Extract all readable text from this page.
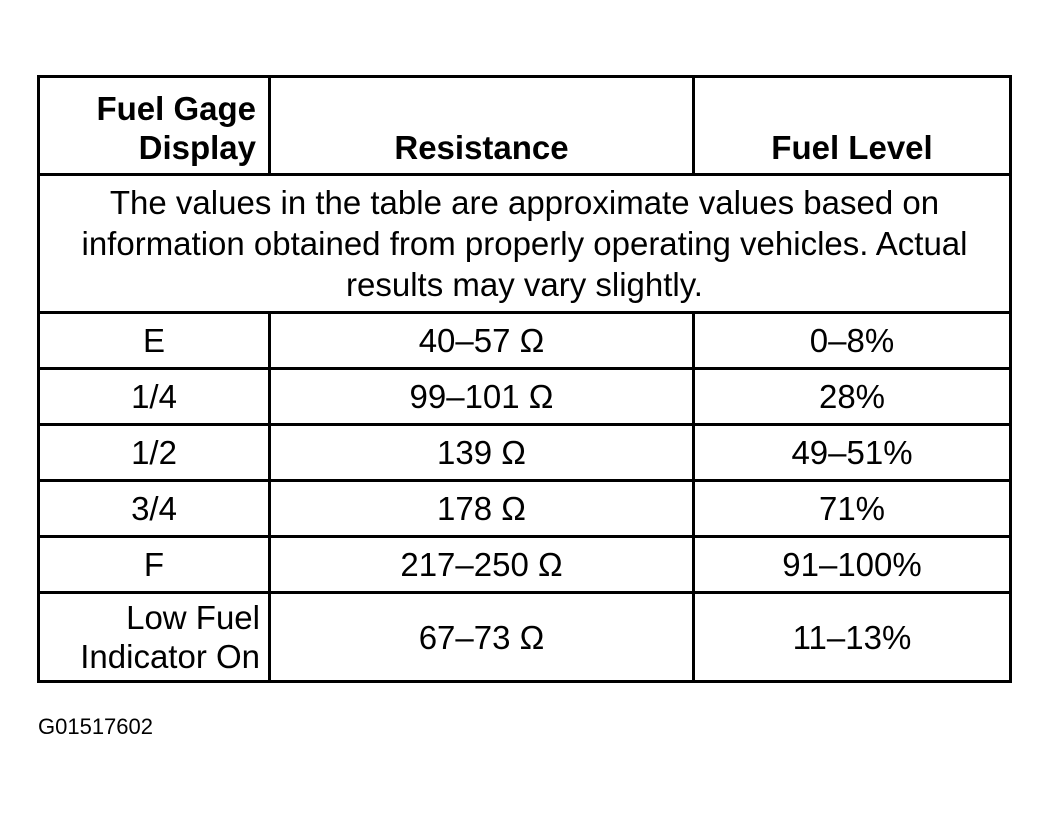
Fuel Gage
Display	Resistance	Fuel Level

The values in the table are approximate values based on information obtained from properly operating vehicles. Actual results may vary slightly.		

E	40–57 Ω	0–8%
1/4	99–101 Ω	28%
1/2	139 Ω	49–51%
3/4	178 Ω	71%
F	217–250 Ω	91–100%
Low Fuel
Indicator On	67–73 Ω	11–13%
G01517602
